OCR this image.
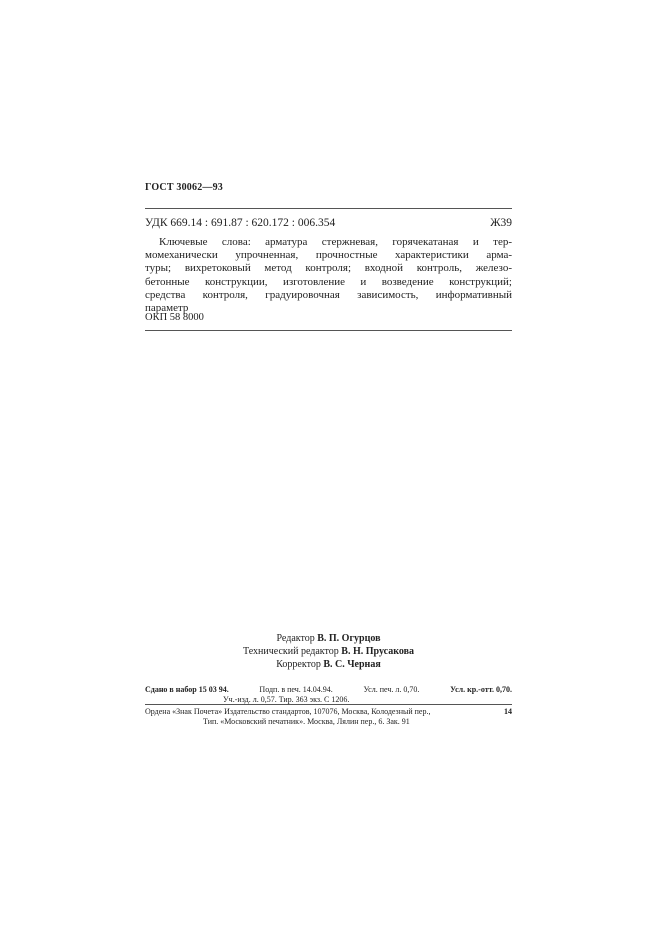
ГОСТ 30062—93
УДК 669.14 : 691.87 : 620.172 : 006.354	Ж39
Ключевые слова: арматура стержневая, горячекатаная и тер-
момеханически упрочненная, прочностные характеристики арма-
туры; вихретоковый метод контроля; входной контроль, железо-
бетонные конструкции, изготовление и возведение конструкций;
средства контроля, градуировочная зависимость, информативный
параметр
ОКП 58 8000
Редактор В. П. Огурцов
Технический редактор В. Н. Прусакова
Корректор В. С. Черная
Сдано в набор 15 03 94.	Подп. в печ. 14.04.94.	Усл. печ. л. 0,70.	Усл. кр.-отт. 0,70.
Уч.-изд. л. 0,57. Тир. 363 экз. С 1206.
Ордена «Знак Почета» Издательство стандартов, 107076, Москва, Колодезный пер.,	14
Тип. «Московский печатник». Москва, Лялин пер., 6. Зак. 91
